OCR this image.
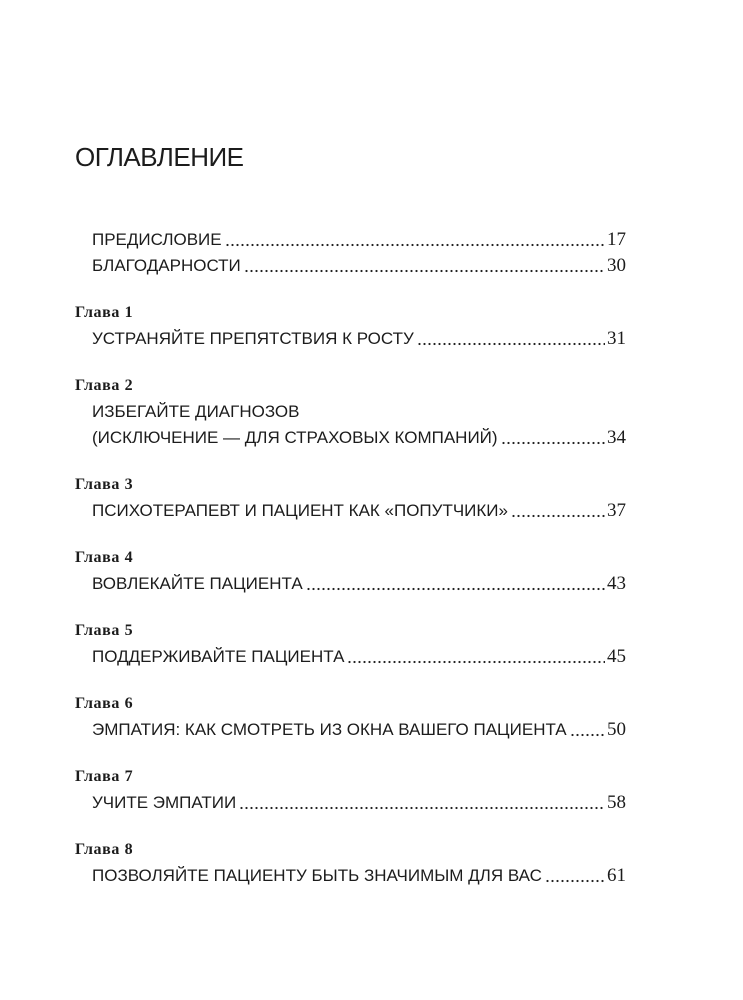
ОГЛАВЛЕНИЕ
ПРЕДИСЛОВИЕ	17
БЛАГОДАРНОСТИ	30
Глава 1
УСТРАНЯЙТЕ ПРЕПЯТСТВИЯ К РОСТУ	31
Глава 2
ИЗБЕГАЙТЕ ДИАГНОЗОВ
(ИСКЛЮЧЕНИЕ — ДЛЯ СТРАХОВЫХ КОМПАНИЙ)	34
Глава 3
ПСИХОТЕРАПЕВТ И ПАЦИЕНТ КАК «ПОПУТЧИКИ»	37
Глава 4
ВОВЛЕКАЙТЕ ПАЦИЕНТА	43
Глава 5
ПОДДЕРЖИВАЙТЕ ПАЦИЕНТА	45
Глава 6
ЭМПАТИЯ: КАК СМОТРЕТЬ ИЗ ОКНА ВАШЕГО ПАЦИЕНТА 50
Глава 7
УЧИТЕ ЭМПАТИИ	58
Глава 8
ПОЗВОЛЯЙТЕ ПАЦИЕНТУ БЫТЬ ЗНАЧИМЫМ ДЛЯ ВАС	61
